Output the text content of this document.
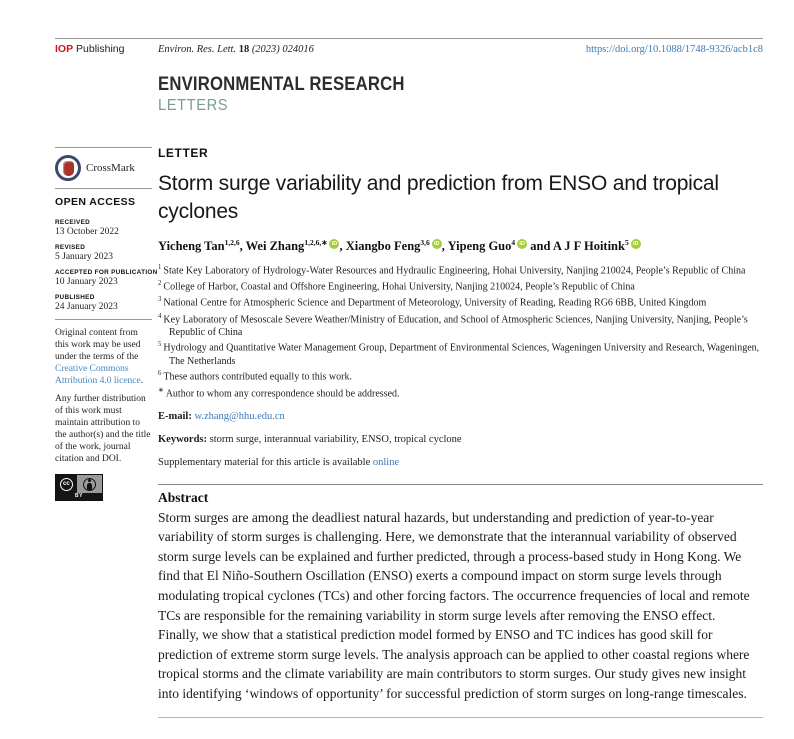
IOP Publishing	Environ. Res. Lett. 18 (2023) 024016	https://doi.org/10.1088/1748-9326/acb1c8
ENVIRONMENTAL RESEARCH
LETTERS
CrossMark
OPEN ACCESS
RECEIVED
13 October 2022
REVISED
5 January 2023
ACCEPTED FOR PUBLICATION
10 January 2023
PUBLISHED
24 January 2023
Original content from this work may be used under the terms of the Creative Commons Attribution 4.0 licence.
Any further distribution of this work must maintain attribution to the author(s) and the title of the work, journal citation and DOI.
cc
BY
LETTER
Storm surge variability and prediction from ENSO and tropical cyclones
Yicheng Tan$^{1,2,6}$, Wei Zhang$^{1,2,6,∗}$ iD , Xiangbo Feng$^{3,6}$ iD , Yipeng Guo$^4$iD and A J F Hoitink$^5$iD
$^1$ State Key Laboratory of Hydrology-Water Resources and Hydraulic Engineering, Hohai University, Nanjing 210024, People’s Republic of China
$^2$ College of Harbor, Coastal and Offshore Engineering, Hohai University, Nanjing 210024, People’s Republic of China
$^3$ National Centre for Atmospheric Science and Department of Meteorology, University of Reading, Reading RG6 6BB, United Kingdom
$^4$ Key Laboratory of Mesoscale Severe Weather/Ministry of Education, and School of Atmospheric Sciences, Nanjing University, Nanjing, People’s Republic of China
$^5$ Hydrology and Quantitative Water Management Group, Department of Environmental Sciences, Wageningen University and Research, Wageningen, The Netherlands
$^6$ These authors contributed equally to this work.
∗ Author to whom any correspondence should be addressed.
E-mail: w.zhang@hhu.edu.cn
Keywords: storm surge, interannual variability, ENSO, tropical cyclone
Supplementary material for this article is available online
Abstract
Storm surges are among the deadliest natural hazards, but understanding and prediction of year-to-year variability of storm surges is challenging. Here, we demonstrate that the interannual variability of observed storm surge levels can be explained and further predicted, through a process-based study in Hong Kong. We find that El Niño-Southern Oscillation (ENSO) exerts a compound impact on storm surge levels through modulating tropical cyclones (TCs) and other forcing factors. The occurrence frequencies of local and remote TCs are responsible for the remaining variability in storm surge levels after removing the ENSO effect. Finally, we show that a statistical prediction model formed by ENSO and TC indices has good skill for prediction of extreme storm surge levels. The analysis approach can be applied to other coastal regions where tropical storms and the climate variability are main contributors to storm surges. Our study gives new insight into identifying ‘windows of opportunity’ for successful prediction of storm surges on long-range timescales.
